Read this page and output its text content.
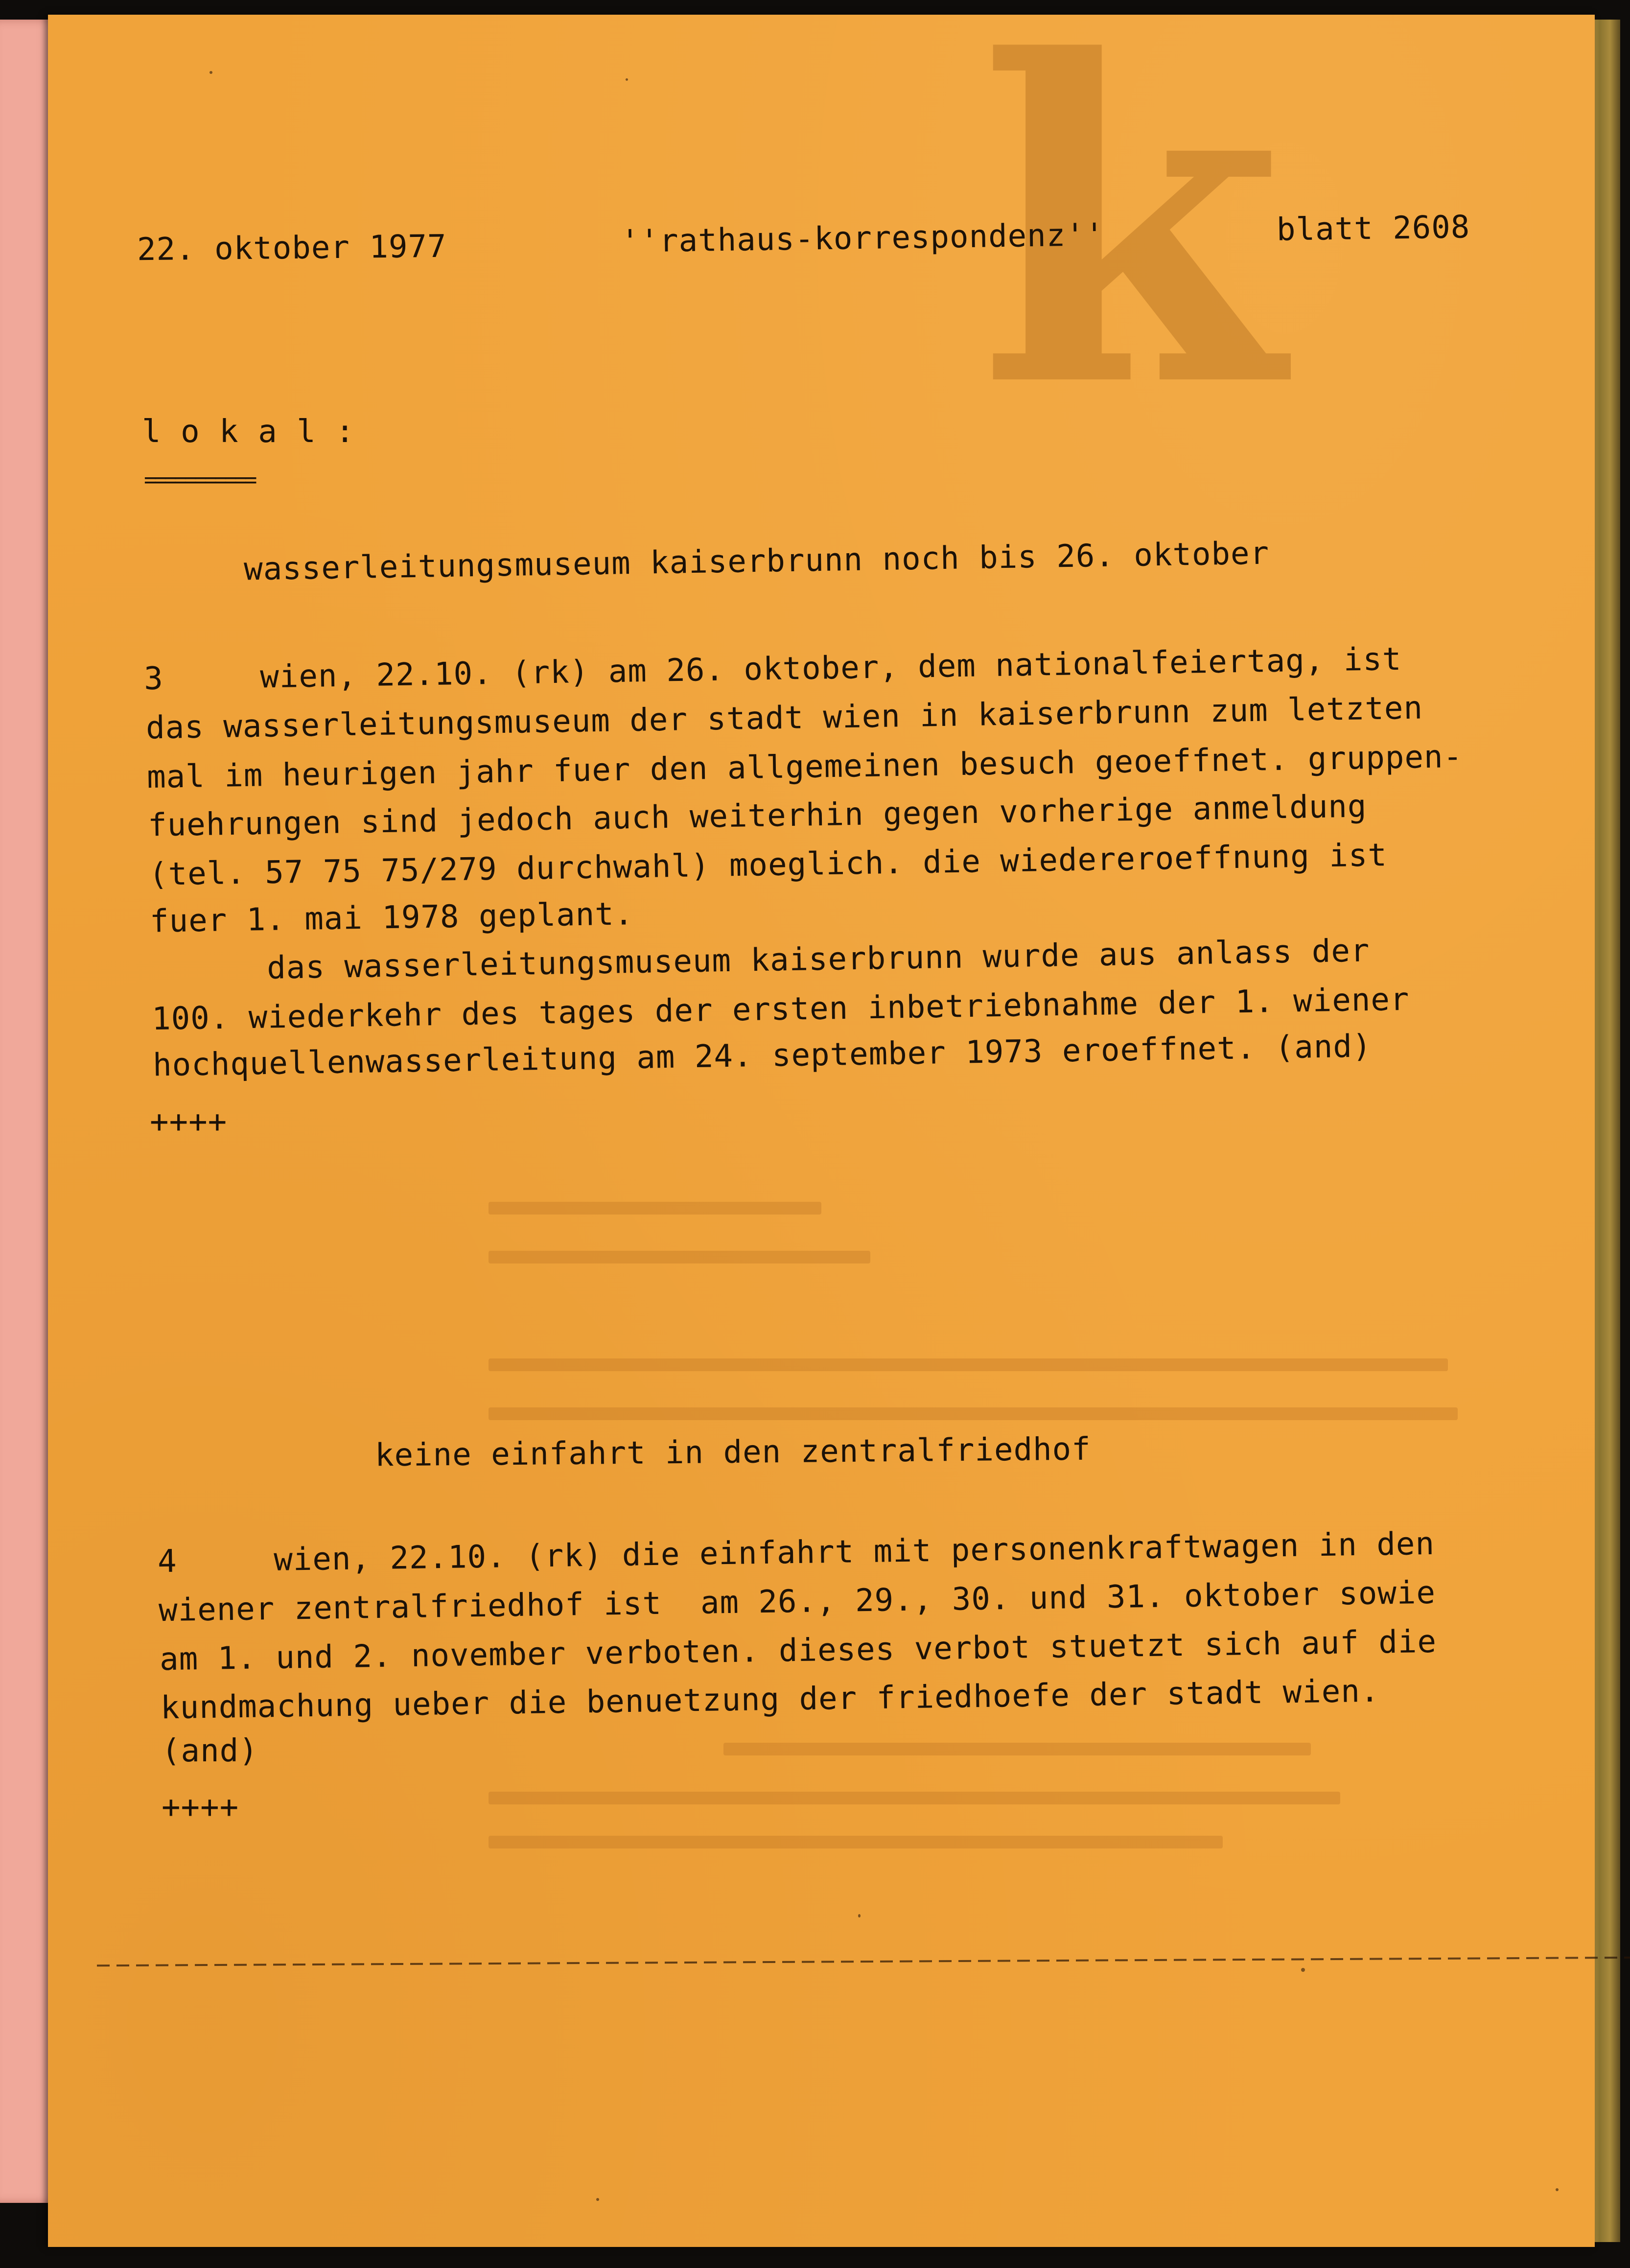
k
22. oktober 1977	''rathaus-korrespondenz''	blatt 2608
l o k a l :
===========
wasserleitungsmuseum kaiserbrunn noch bis 26. oktober
3     wien, 22.10. (rk) am 26. oktober, dem nationalfeiertag, ist
das wasserleitungsmuseum der stadt wien in kaiserbrunn zum letzten
mal im heurigen jahr fuer den allgemeinen besuch geoeffnet. gruppen-
fuehrungen sind jedoch auch weiterhin gegen vorherige anmeldung
(tel. 57 75 75/279 durchwahl) moeglich. die wiedereroeffnung ist
fuer 1. mai 1978 geplant.
das wasserleitungsmuseum kaiserbrunn wurde aus anlass der
100. wiederkehr des tages der ersten inbetriebnahme der 1. wiener
hochquellenwasserleitung am 24. september 1973 eroeffnet. (and)
++++
keine einfahrt in den zentralfriedhof
4     wien, 22.10. (rk) die einfahrt mit personenkraftwagen in den
wiener zentralfriedhof ist  am 26., 29., 30. und 31. oktober sowie
am 1. und 2. november verboten. dieses verbot stuetzt sich auf die
kundmachung ueber die benuetzung der friedhoefe der stadt wien.
(and)
++++
